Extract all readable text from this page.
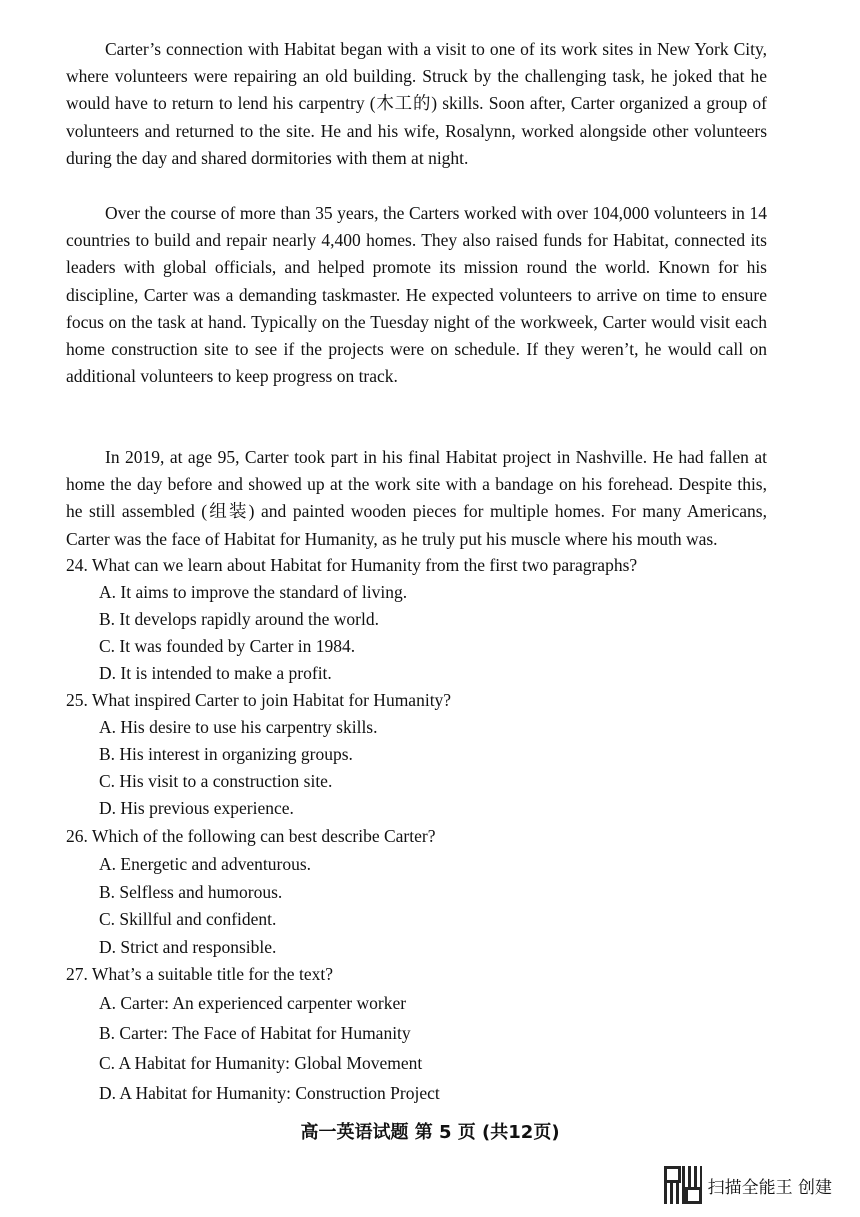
Carter’s connection with Habitat began with a visit to one of its work sites in New York City, where volunteers were repairing an old building. Struck by the challenging task, he joked that he would have to return to lend his carpentry (木工的) skills. Soon after, Carter organized a group of volunteers and returned to the site. He and his wife, Rosalynn, worked alongside other volunteers during the day and shared dormitories with them at night.

Over the course of more than 35 years, the Carters worked with over 104,000 volunteers in 14 countries to build and repair nearly 4,400 homes. They also raised funds for Habitat, connected its leaders with global officials, and helped promote its mission round the world. Known for his discipline, Carter was a demanding taskmaster. He expected volunteers to arrive on time to ensure focus on the task at hand. Typically on the Tuesday night of the workweek, Carter would visit each home construction site to see if the projects were on schedule. If they weren’t, he would call on additional volunteers to keep progress on track.

In 2019, at age 95, Carter took part in his final Habitat project in Nashville. He had fallen at home the day before and showed up at the work site with a bandage on his forehead. Despite this, he still assembled (组装) and painted wooden pieces for multiple homes. For many Americans, Carter was the face of Habitat for Humanity, as he truly put his muscle where his mouth was.

24. What can we learn about Habitat for Humanity from the first two paragraphs?

A. It aims to improve the standard of living.

B. It develops rapidly around the world.

C. It was founded by Carter in 1984.

D. It is intended to make a profit.

25. What inspired Carter to join Habitat for Humanity?

A. His desire to use his carpentry skills.

B. His interest in organizing groups.

C. His visit to a construction site.

D. His previous experience.

26. Which of the following can best describe Carter?

A. Energetic and adventurous.

B. Selfless and humorous.

C. Skillful and confident.

D. Strict and responsible.

27. What’s a suitable title for the text?

A. Carter: An experienced carpenter worker

B. Carter: The Face of Habitat for Humanity

C. A Habitat for Humanity: Global Movement

D. A Habitat for Humanity: Construction Project

高一英语试题 第 5 页 (共12页)
扫描全能王 创建
